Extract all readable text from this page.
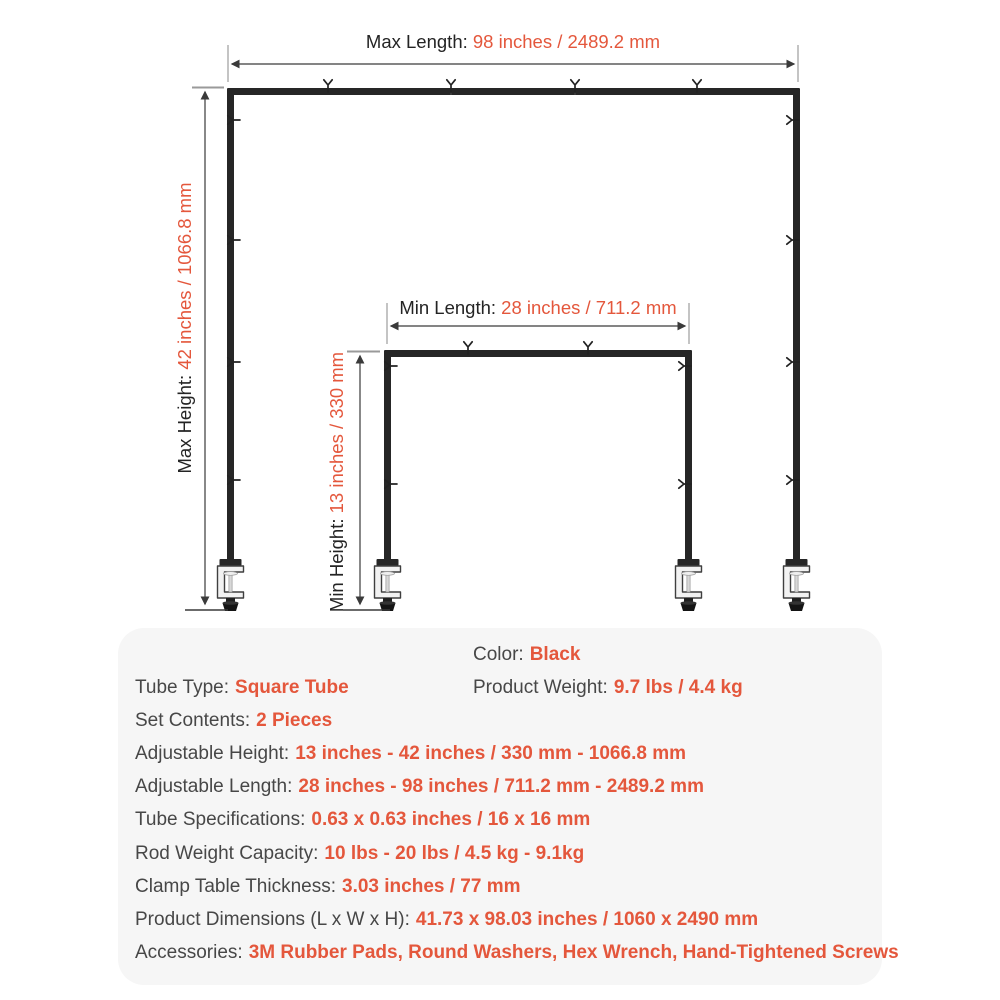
Max Length: 98 inches / 2489.2 mm
Min Length: 28 inches / 711.2 mm
Max Height: 42 inches / 1066.8 mm
Min Height: 13 inches / 330 mm
Color: Black
Tube Type: Square Tube	Product Weight: 9.7 lbs / 4.4 kg
Set Contents: 2 Pieces
Adjustable Height: 13 inches - 42 inches / 330 mm - 1066.8 mm
Adjustable Length: 28 inches - 98 inches / 711.2 mm - 2489.2 mm
Tube Specifications: 0.63 x 0.63 inches / 16 x 16 mm
Rod Weight Capacity: 10 lbs - 20 lbs / 4.5 kg - 9.1kg
Clamp Table Thickness: 3.03 inches / 77 mm
Product Dimensions (L x W x H): 41.73 x 98.03 inches / 1060 x 2490 mm
Accessories: 3M Rubber Pads, Round Washers, Hex Wrench, Hand-Tightened Screws
